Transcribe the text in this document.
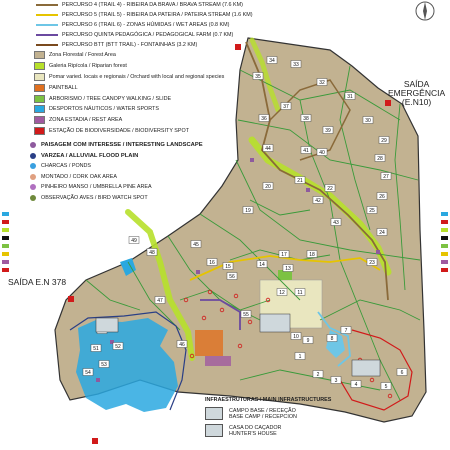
1
2
3
4	5
6
7
8
9
10
11
12
13
14
15
16
17	18
19
20
21
22
23
24
25
26
27
28
29
30
31
32
33
34
35
36
37
38
39
40
41
42
43
44
45
46
47
48
49
51	52
53
54
55
56
PERCURSO 4 (TRAIL 4) - RIBEIRA DA BRAVA / BRAVA STREAM (7.6 KM)
PERCURSO 5 (TRAIL 5) - RIBEIRA DA PATEIRA / PATEIRA STREAM (1.6 KM)
PERCURSO 6 (TRAIL 6) - ZONAS HÚMIDAS / WET AREAS (0.8 KM)
PERCURSO QUINTA PEDAGÓGICA / PEDAGOGICAL FARM (0.7 KM)
PERCURSO BTT (BTT TRAIL) - FONTAINHAS (3.2 KM)
Zona Florestal / Forest Area
Galeria Ripícola / Riparian forest
Pomar varied. locais e regionais / Orchard with local and regional species
PAINTBALL
ARBORISMO / TREE CANOPY WALKING / SLIDE
DESPORTOS NÁUTICOS / WATER SPORTS
ZONA ESTADIA / REST AREA
ESTAÇÃO DE BIODIVERSIDADE / BIODIVERSITY SPOT
PAISAGEM COM INTERESSE / INTERESTING LANDSCAPE
VARZEA / ALLUVIAL FLOOD PLAIN
CHARCAS / PONDS
MONTADO / CORK OAK AREA
PINHEIRO MANSO / UMBRELLA PINE AREA
OBSERVAÇÃO AVES / BIRD WATCH SPOT
SAÍDA
EMERGÊNCIA
(E.N10)
SAÍDA E.N 378
INFRAESTRUTURAS / MAIN INFRASTRUCTURES
CAMPO BASE / RECEÇÃO
BASE CAMP / RECEPCION
CASA DO CAÇADOR
HUNTER'S HOUSE
